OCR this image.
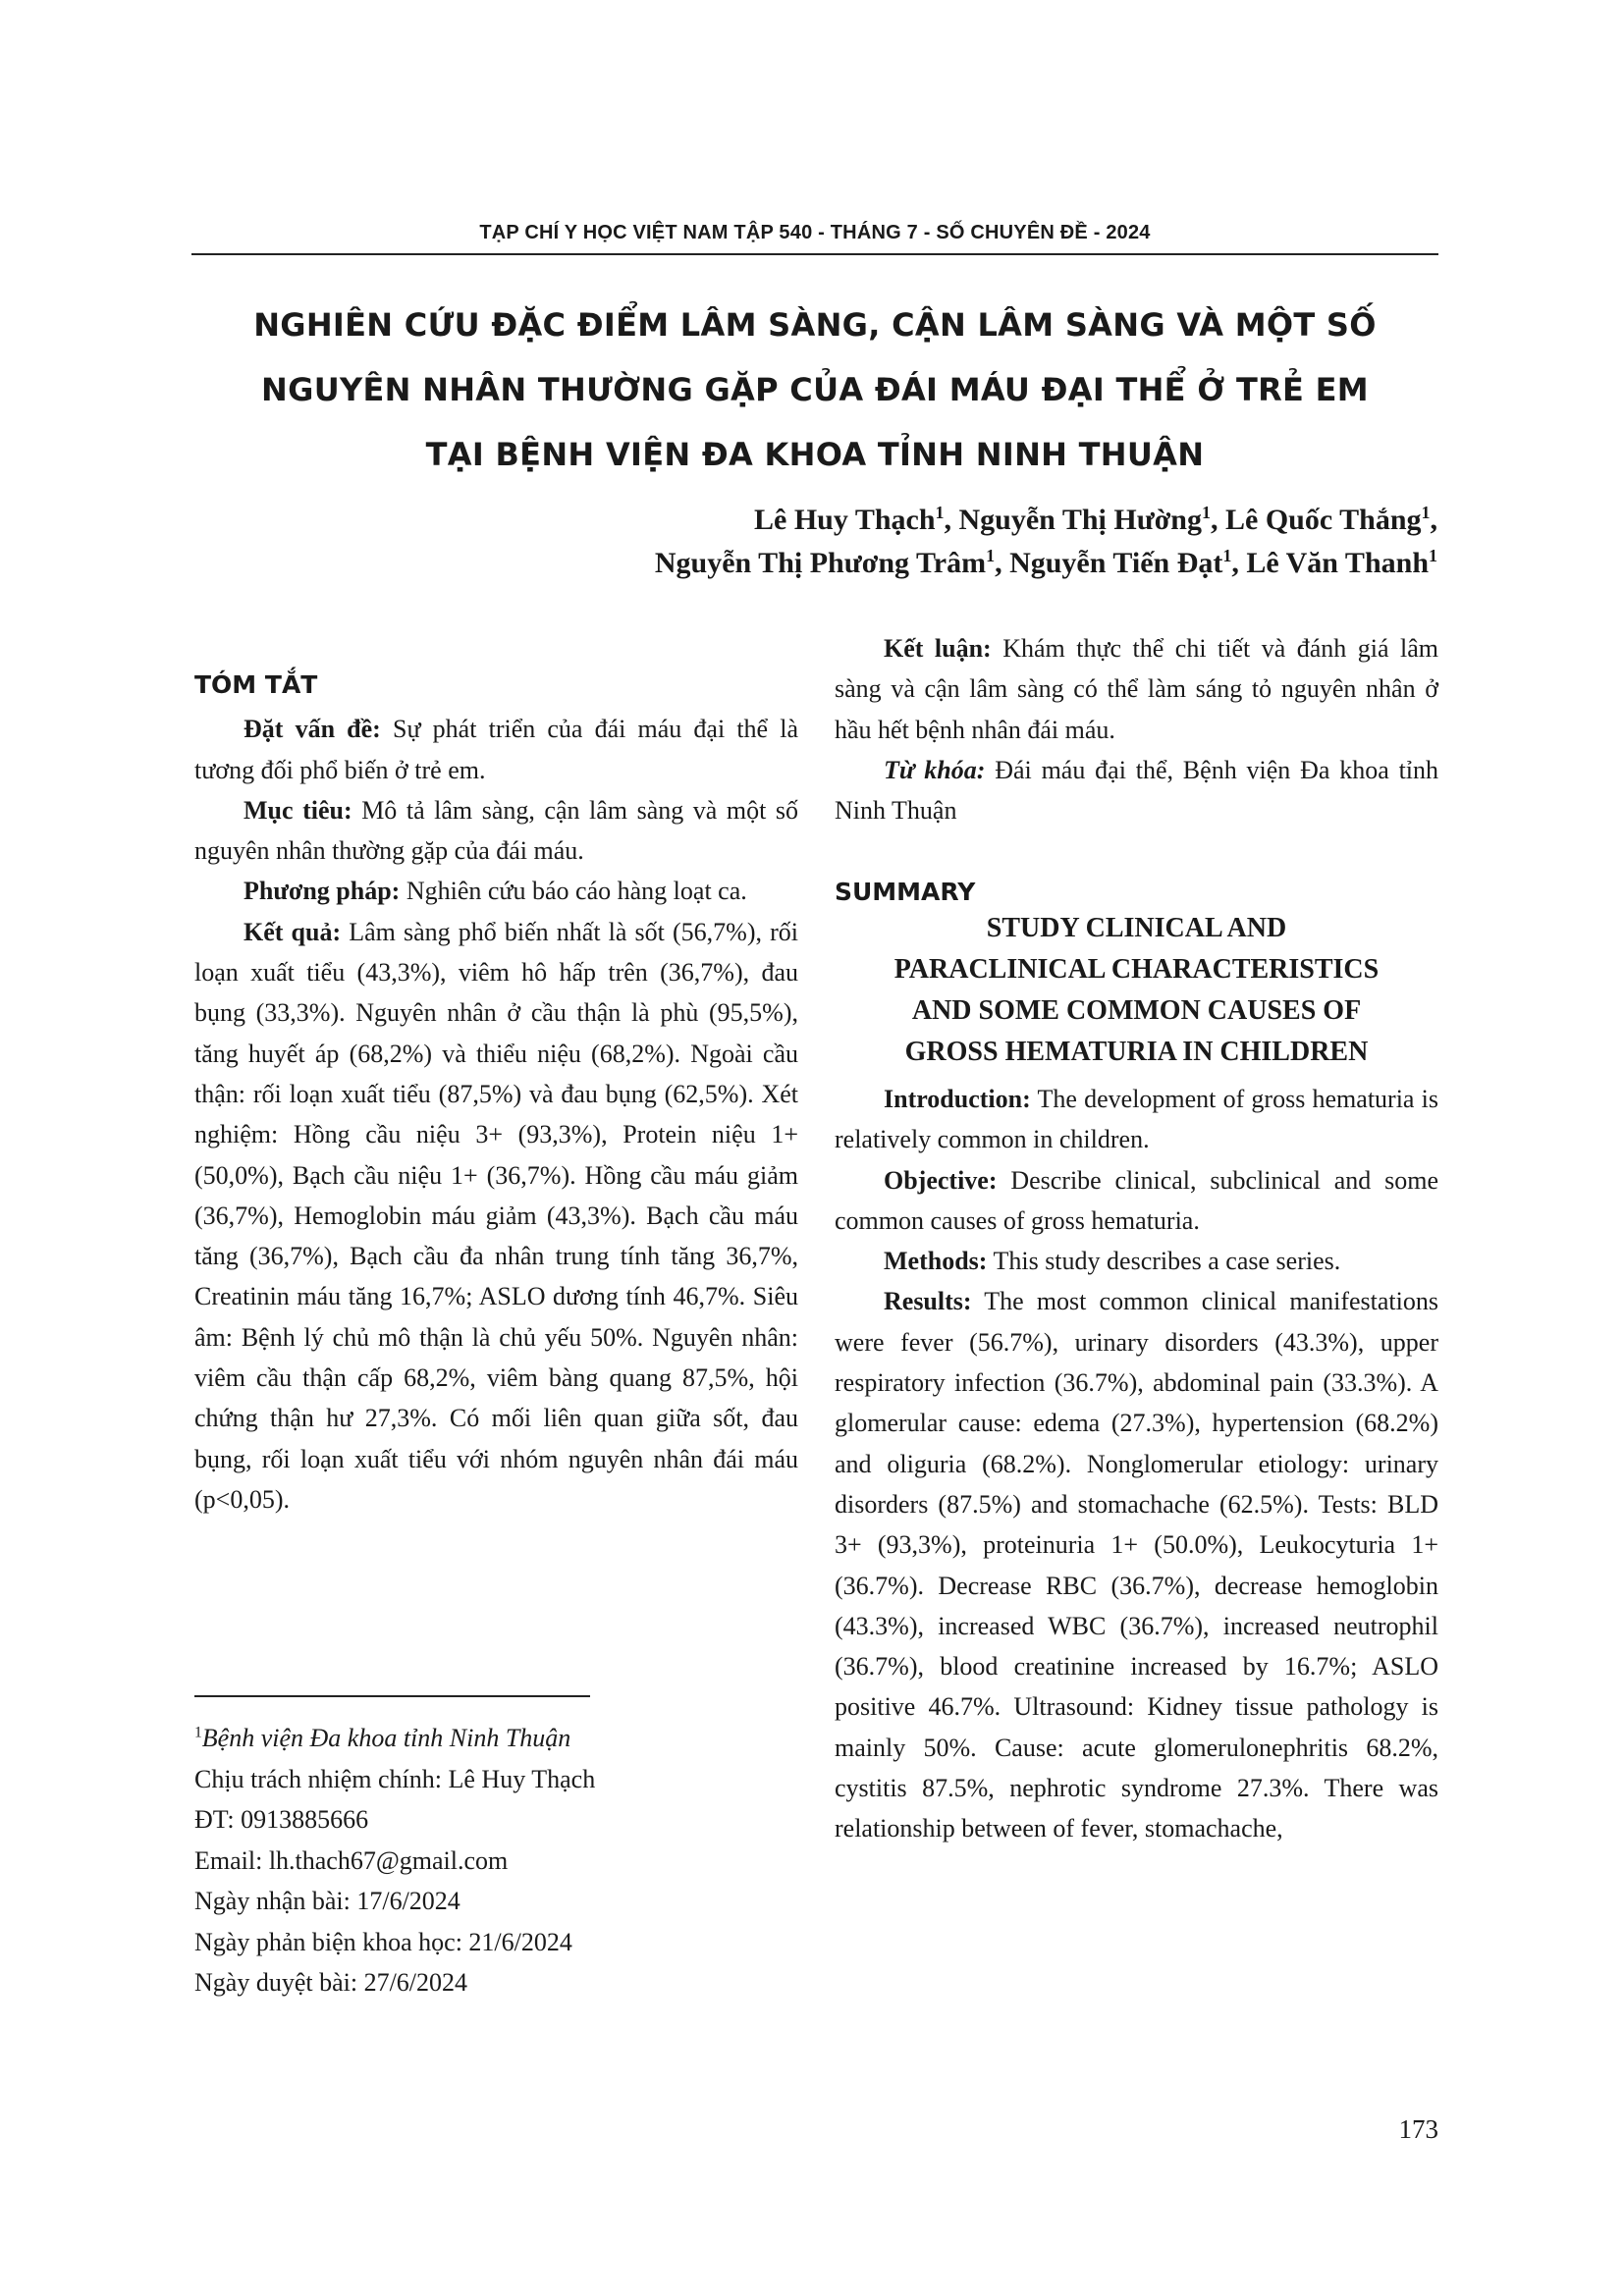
TẠP CHÍ Y HỌC VIỆT NAM TẬP 540 - THÁNG 7 - SỐ CHUYÊN ĐỀ - 2024
NGHIÊN CỨU ĐẶC ĐIỂM LÂM SÀNG, CẬN LÂM SÀNG VÀ MỘT SỐ
NGUYÊN NHÂN THƯỜNG GẶP CỦA ĐÁI MÁU ĐẠI THỂ Ở TRẺ EM
TẠI BỆNH VIỆN ĐA KHOA TỈNH NINH THUẬN
Lê Huy Thạch$^1$, Nguyễn Thị Hường$^1$, Lê Quốc Thắng$^1$,
Nguyễn Thị Phương Trâm$^1$, Nguyễn Tiến Đạt$^1$, Lê Văn Thanh$^1$
TÓM TẮT

Đặt vấn đề: Sự phát triển của đái máu đại thể là tương đối phổ biến ở trẻ em.

Mục tiêu: Mô tả lâm sàng, cận lâm sàng và một số nguyên nhân thường gặp của đái máu.

Phương pháp: Nghiên cứu báo cáo hàng loạt ca.

Kết quả: Lâm sàng phổ biến nhất là sốt (56,7%), rối loạn xuất tiểu (43,3%), viêm hô hấp trên (36,7%), đau bụng (33,3%). Nguyên nhân ở cầu thận là phù (95,5%), tăng huyết áp (68,2%) và thiểu niệu (68,2%). Ngoài cầu thận: rối loạn xuất tiểu (87,5%) và đau bụng (62,5%). Xét nghiệm: Hồng cầu niệu 3+ (93,3%), Protein niệu 1+ (50,0%), Bạch cầu niệu 1+ (36,7%). Hồng cầu máu giảm (36,7%), Hemoglobin máu giảm (43,3%). Bạch cầu máu tăng (36,7%), Bạch cầu đa nhân trung tính tăng 36,7%, Creatinin máu tăng 16,7%; ASLO dương tính 46,7%. Siêu âm: Bệnh lý chủ mô thận là chủ yếu 50%. Nguyên nhân: viêm cầu thận cấp 68,2%, viêm bàng quang 87,5%, hội chứng thận hư 27,3%. Có mối liên quan giữa sốt, đau bụng, rối loạn xuất tiểu với nhóm nguyên nhân đái máu (p<0,05).

Kết luận: Khám thực thể chi tiết và đánh giá lâm sàng và cận lâm sàng có thể làm sáng tỏ nguyên nhân ở hầu hết bệnh nhân đái máu.

Từ khóa: Đái máu đại thể, Bệnh viện Đa khoa tỉnh Ninh Thuận

SUMMARY
STUDY CLINICAL AND
PARACLINICAL CHARACTERISTICS
AND SOME COMMON CAUSES OF
GROSS HEMATURIA IN CHILDREN

Introduction: The development of gross hematuria is relatively common in children.

Objective: Describe clinical, subclinical and some common causes of gross hematuria.

Methods: This study describes a case series.

Results: The most common clinical manifestations were fever (56.7%), urinary disorders (43.3%), upper respiratory infection (36.7%), abdominal pain (33.3%). A glomerular cause: edema (27.3%), hypertension (68.2%) and oliguria (68.2%). Nonglomerular etiology: urinary disorders (87.5%) and stomachache (62.5%). Tests: BLD 3+ (93,3%), proteinuria 1+ (50.0%), Leukocyturia 1+ (36.7%). Decrease RBC (36.7%), decrease hemoglobin (43.3%), increased WBC (36.7%), increased neutrophil (36.7%), blood creatinine increased by 16.7%; ASLO positive 46.7%. Ultrasound: Kidney tissue pathology is mainly 50%. Cause: acute glomerulonephritis 68.2%, cystitis 87.5%, nephrotic syndrome 27.3%. There was relationship between of fever, stomachache,

$^1$Bệnh viện Đa khoa tỉnh Ninh Thuận
Chịu trách nhiệm chính: Lê Huy Thạch
ĐT: 0913885666
Email: lh.thach67@gmail.com
Ngày nhận bài: 17/6/2024
Ngày phản biện khoa học: 21/6/2024
Ngày duyệt bài: 27/6/2024
173
